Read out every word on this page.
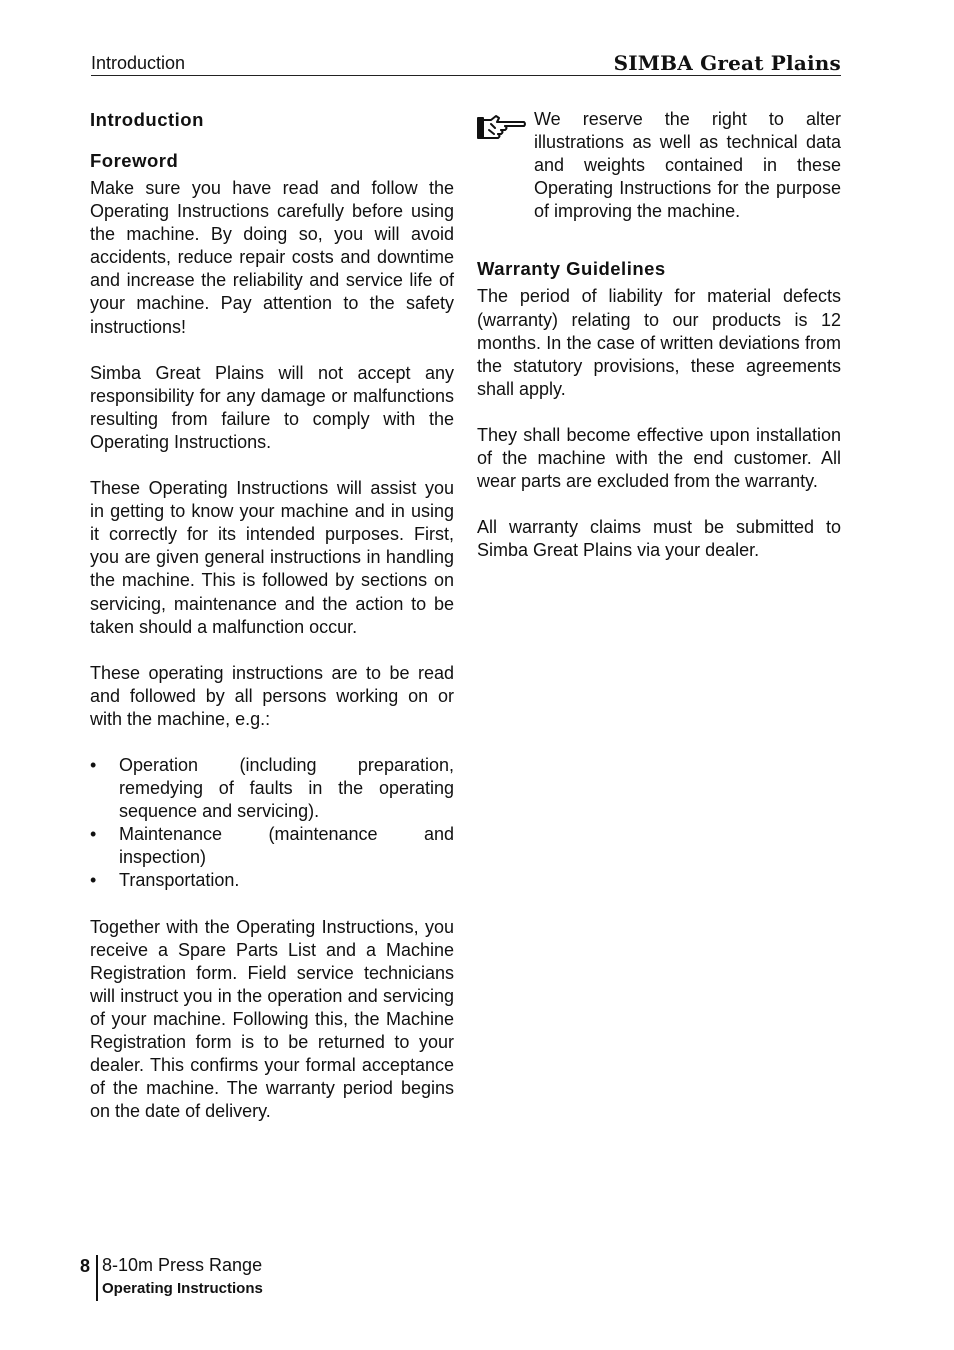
Introduction	SIMBA Great Plains
Introduction
Foreword

Make sure you have read and follow the Operating Instructions carefully before using the machine. By doing so, you will avoid accidents, reduce repair costs and downtime and increase the reliability and service life of your machine. Pay attention to the safety instructions!

Simba Great Plains will not accept any responsibility for any damage or malfunctions resulting from failure to comply with the Operating Instructions.

These Operating Instructions will assist you in getting to know your machine and in using it correctly for its intended purposes. First, you are given general instructions in handling the machine. This is followed by sections on servicing, maintenance and the action to be taken should a malfunction occur.

These operating instructions are to be read and followed by all persons working on or with the machine, e.g.:

• Operation (including preparation, remedying of faults in the operating sequence and servicing).
• Maintenance (maintenance and inspection)
• Transportation.

Together with the Operating Instructions, you receive a Spare Parts List and a Machine Registration form. Field service technicians will instruct you in the operation and servicing of your machine. Following this, the Machine Registration form is to be returned to your dealer. This confirms your formal acceptance of the machine. The warranty period begins on the date of delivery.

We reserve the right to alter illustrations as well as technical data and weights contained in these Operating Instructions for the purpose of improving the machine.

Warranty Guidelines

The period of liability for material defects (warranty) relating to our products is 12 months. In the case of written deviations from the statutory provisions, these agreements shall apply.

They shall become effective upon installation of the machine with the end customer. All wear parts are excluded from the warranty.

All warranty claims must be submitted to Simba Great Plains via your dealer.

8 8-10m Press Range
Operating Instructions
